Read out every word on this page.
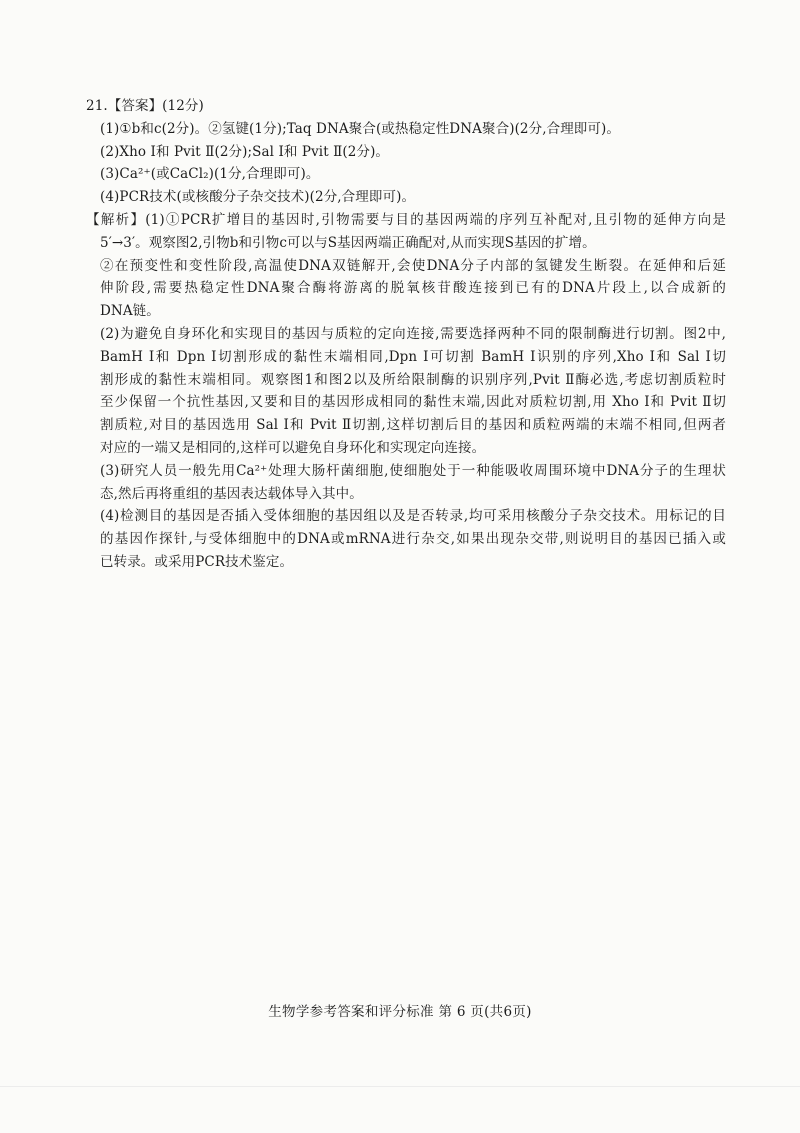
21.【答案】(12分)
(1)①b和c(2分)。②氢键(1分);Taq DNA聚合(或热稳定性DNA聚合)(2分,合理即可)。
(2)Xho Ⅰ和 Pvit Ⅱ(2分);Sal Ⅰ和 Pvit Ⅱ(2分)。
(3)Ca²⁺(或CaCl₂)(1分,合理即可)。
(4)PCR技术(或核酸分子杂交技术)(2分,合理即可)。
【解析】(1)①PCR扩增目的基因时,引物需要与目的基因两端的序列互补配对,且引物的延伸方向是
5′→3′。观察图2,引物b和引物c可以与S基因两端正确配对,从而实现S基因的扩增。
②在预变性和变性阶段,高温使DNA双链解开,会使DNA分子内部的氢键发生断裂。在延伸和后延
伸阶段,需要热稳定性DNA聚合酶将游离的脱氧核苷酸连接到已有的DNA片段上,以合成新的
DNA链。
(2)为避免自身环化和实现目的基因与质粒的定向连接,需要选择两种不同的限制酶进行切割。图2中,
BamH Ⅰ和 Dpn Ⅰ切割形成的黏性末端相同,Dpn Ⅰ可切割 BamH Ⅰ识别的序列,Xho Ⅰ和 Sal Ⅰ切
割形成的黏性末端相同。观察图1和图2以及所给限制酶的识别序列,Pvit Ⅱ酶必选,考虑切割质粒时
至少保留一个抗性基因,又要和目的基因形成相同的黏性末端,因此对质粒切割,用 Xho Ⅰ和 Pvit Ⅱ切
割质粒,对目的基因选用 Sal Ⅰ和 Pvit Ⅱ切割,这样切割后目的基因和质粒两端的末端不相同,但两者
对应的一端又是相同的,这样可以避免自身环化和实现定向连接。
(3)研究人员一般先用Ca²⁺处理大肠杆菌细胞,使细胞处于一种能吸收周围环境中DNA分子的生理状
态,然后再将重组的基因表达载体导入其中。
(4)检测目的基因是否插入受体细胞的基因组以及是否转录,均可采用核酸分子杂交技术。用标记的目
的基因作探针,与受体细胞中的DNA或mRNA进行杂交,如果出现杂交带,则说明目的基因已插入或
已转录。或采用PCR技术鉴定。
生物学参考答案和评分标准 第 6 页(共6页)
